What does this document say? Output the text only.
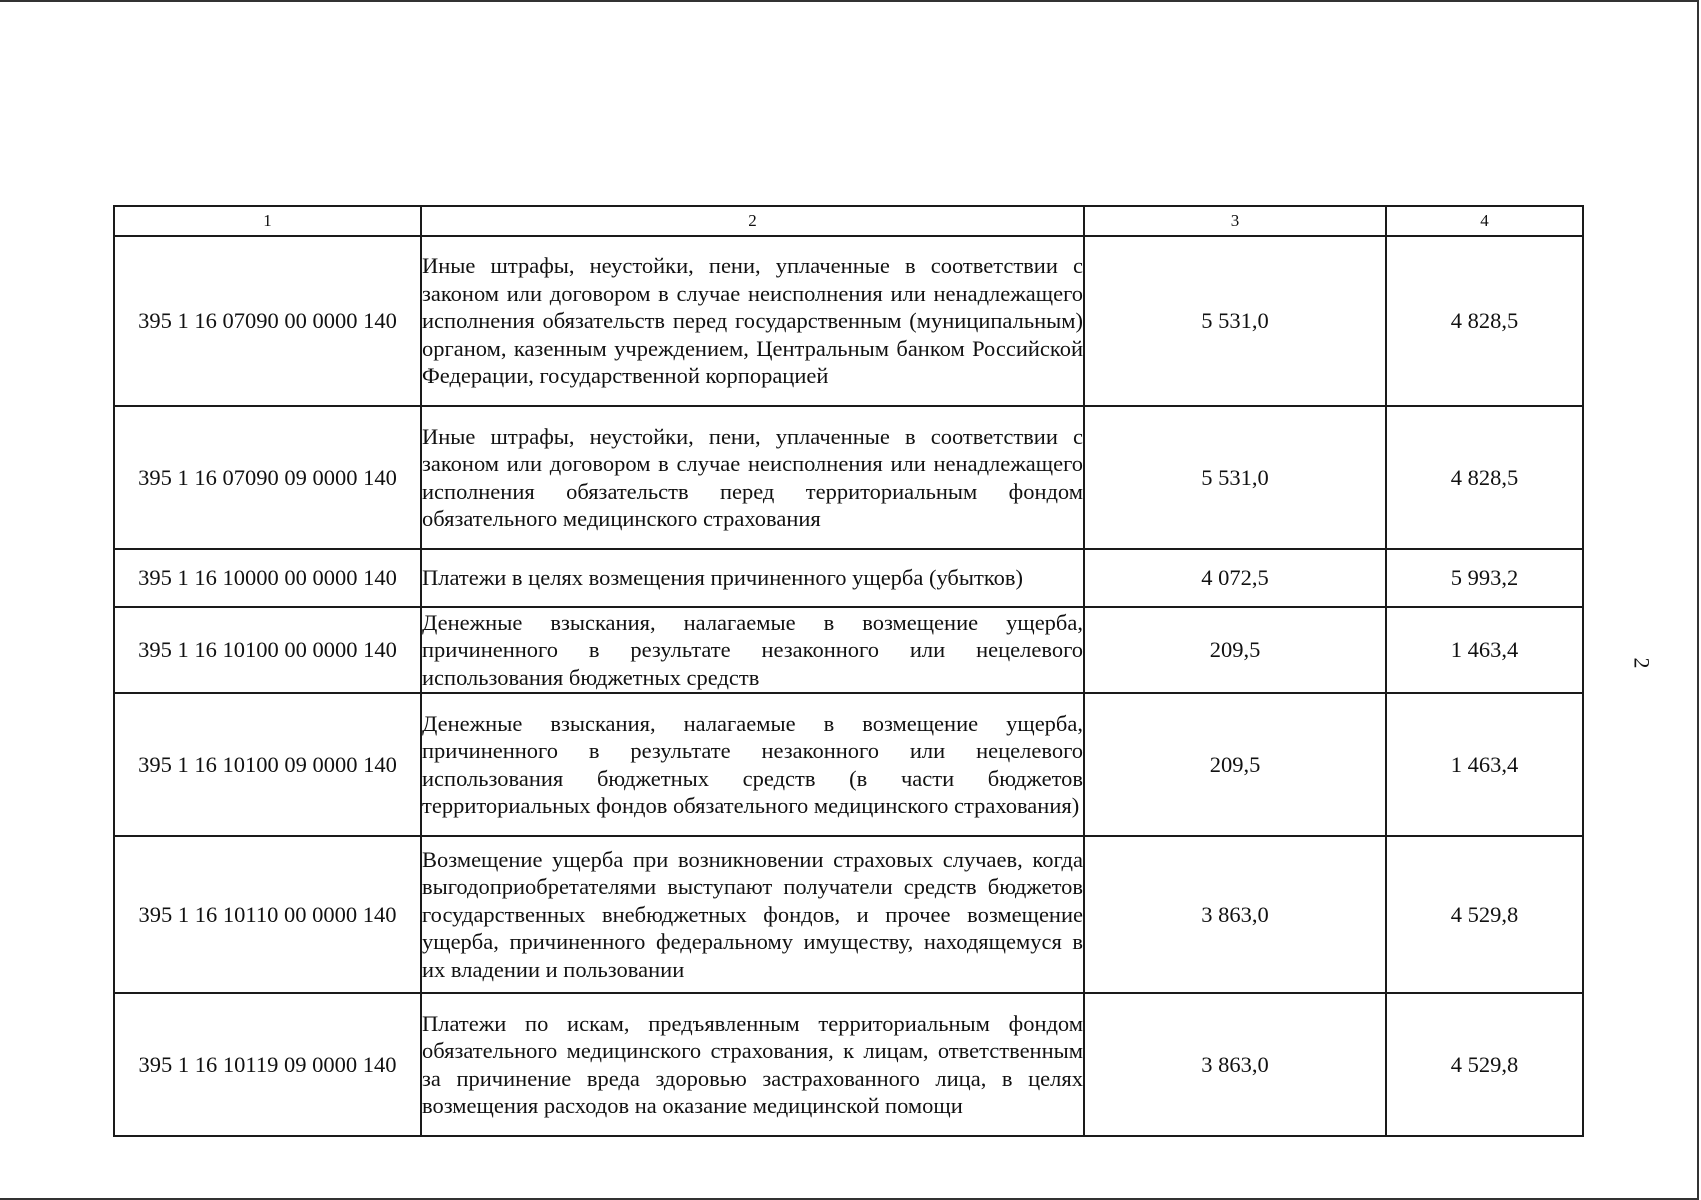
1	2	3	4
395 1 16 07090 00 0000 140	Иные штрафы, неустойки, пени, уплаченные в соответствии с законом или договором в случае неисполнения или ненадлежащего исполнения обязательств перед государственным (муниципальным) органом, казенным учреждением, Центральным банком Российской Федерации, государственной корпорацией	5 531,0	4 828,5
395 1 16 07090 09 0000 140	Иные штрафы, неустойки, пени, уплаченные в соответствии с законом или договором в случае неисполнения или ненадлежащего исполнения обязательств перед территориальным фондом обязательного медицинского страхования	5 531,0	4 828,5
395 1 16 10000 00 0000 140	Платежи в целях возмещения причиненного ущерба (убытков)	4 072,5	5 993,2
395 1 16 10100 00 0000 140	Денежные взыскания, налагаемые в возмещение ущерба, причиненного в результате незаконного или нецелевого использования бюджетных средств	209,5	1 463,4
395 1 16 10100 09 0000 140	Денежные взыскания, налагаемые в возмещение ущерба, причиненного в результате незаконного или нецелевого использования бюджетных средств (в части бюджетов территориальных фондов обязательного медицинского страхования)	209,5	1 463,4
395 1 16 10110 00 0000 140	Возмещение ущерба при возникновении страховых случаев, когда выгодоприобретателями выступают получатели средств бюджетов государственных внебюджетных фондов, и прочее возмещение ущерба, причиненного федеральному имуществу, находящемуся в их владении и пользовании	3 863,0	4 529,8
395 1 16 10119 09 0000 140	Платежи по искам, предъявленным территориальным фондом обязательного медицинского страхования, к лицам, ответственным за причинение вреда здоровью застрахованного лица, в целях возмещения расходов на оказание медицинской помощи	3 863,0	4 529,8
2
